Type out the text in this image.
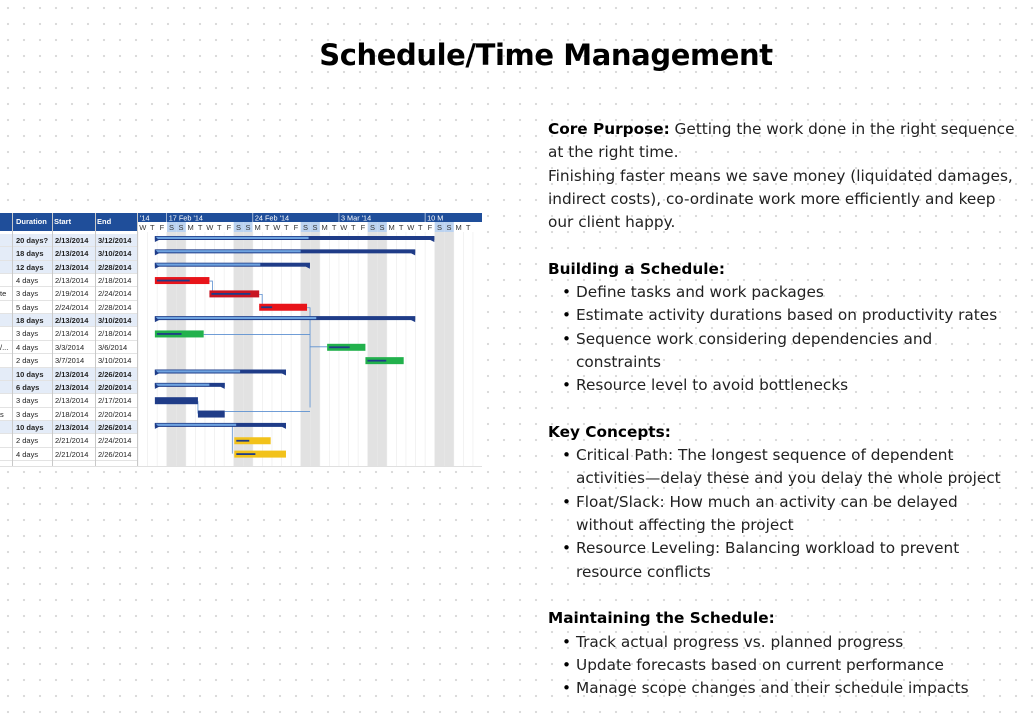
Schedule/Time Management
Duration Start	End
20 days? 2/13/2014	3/12/2014
18 days	2/13/2014	3/10/2014
12 days	2/13/2014	2/28/2014
4 days	2/13/2014	2/18/2014
te	3 days	2/19/2014	2/24/2014
5 days	2/24/2014	2/28/2014
18 days	2/13/2014	3/10/2014
3 days	2/13/2014	2/18/2014
/...	4 days	3/3/2014	3/6/2014
2 days	3/7/2014	3/10/2014
10 days	2/13/2014	2/26/2014
6 days	2/13/2014	2/20/2014
3 days	2/13/2014	2/17/2014
s	3 days	2/18/2014	2/20/2014
10 days	2/13/2014	2/26/2014
2 days	2/21/2014	2/24/2014
4 days	2/21/2014	2/26/2014
W T F S S M T W T F S S M T W T F S S M T W T F S S M T W T F S S M T
'14	17 Feb '14	24 Feb '14	3 Mar '14	10 M

Core Purpose: Getting the work done in the right sequence at the right time.

Finishing faster means we save money (liquidated damages, indirect costs), co-ordinate work more efficiently and keep our client happy.

Building a Schedule:

• Define tasks and work packages
• Estimate activity durations based on productivity rates
• Sequence work considering dependencies and constraints
• Resource level to avoid bottlenecks

Key Concepts:

• Critical Path: The longest sequence of dependent activities—delay these and you delay the whole project
• Float/Slack: How much an activity can be delayed without affecting the project
• Resource Leveling: Balancing workload to prevent resource conflicts

Maintaining the Schedule:

• Track actual progress vs. planned progress
• Update forecasts based on current performance
• Manage scope changes and their schedule impacts
